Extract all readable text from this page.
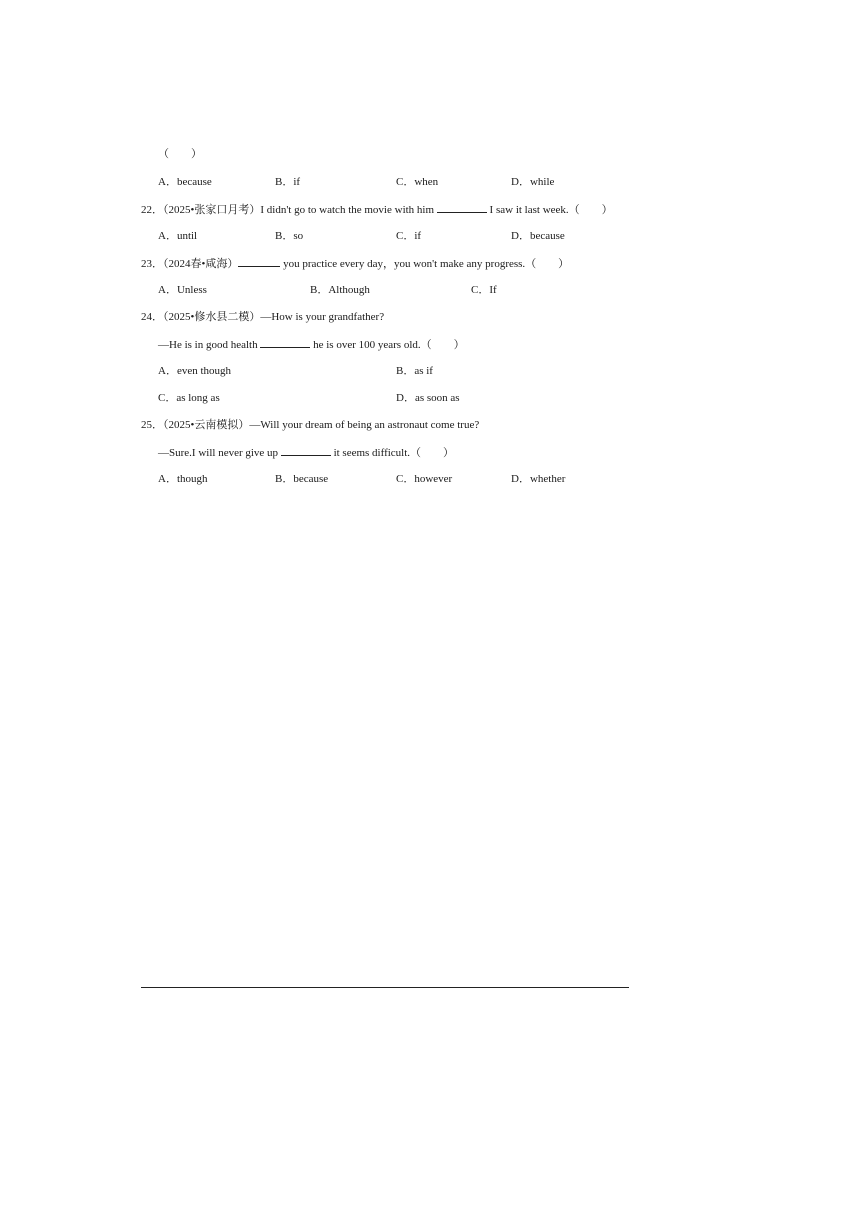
（　　）
A．because	B．if	C．when	D．while
22．（2025•张家口月考）I didn't go to watch the movie with him	I saw it last week.（　　）
A．until	B．so	C．if	D．because
23．（2024春•咸海）	you practice every day，you won't make any progress.（　　）
A．Unless	B．Although	C．If
24．（2025•修水县二模）—How is your grandfather?
—He is in good health	he is over 100 years old.（　　）
A．even though	B．as if
C．as long as	D．as soon as
25．（2025•云南模拟）—Will your dream of being an astronaut come true?
—Sure.I will never give up	it seems difficult.（　　）
A．though	B．because	C．however	D．whether
